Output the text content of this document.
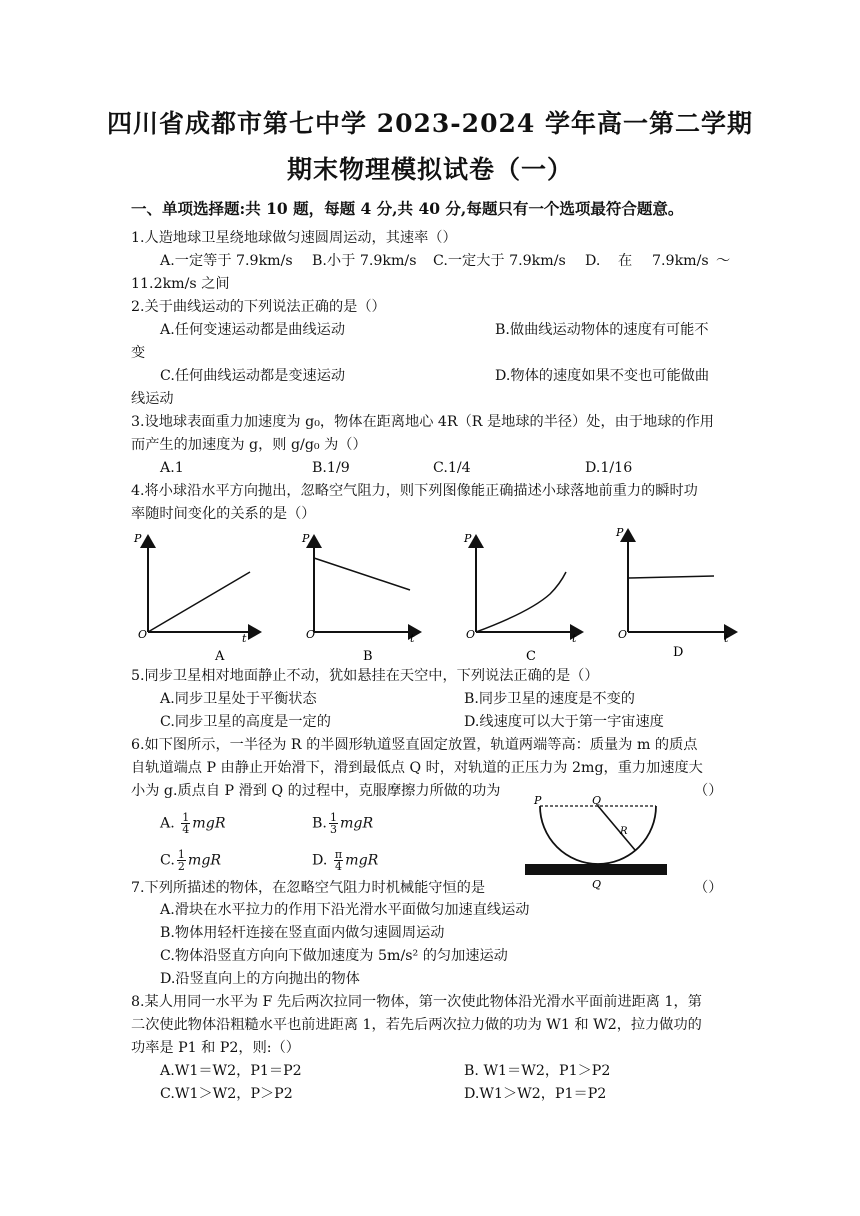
四川省成都市第七中学 2023-2024 学年高一第二学期
期末物理模拟试卷（一）
一、单项选择题:共 10 题，每题 4 分,共 40 分,每题只有一个选项最符合题意。
1.人造地球卫星绕地球做匀速圆周运动，其速率（）
A.一定等于 7.9km/s B.小于 7.9km/s C.一定大于 7.9km/s D. 在 7.9km/s ～
11.2km/s 之间
2.关于曲线运动的下列说法正确的是（）
A.任何变速运动都是曲线运动	B.做曲线运动物体的速度有可能不
变
C.任何曲线运动都是变速运动	D.物体的速度如果不变也可能做曲
线运动
3.设地球表面重力加速度为 g₀，物体在距离地心 4R（R 是地球的半径）处，由于地球的作用
而产生的加速度为 g，则 g/g₀ 为（）
A.1	B.1/9	C.1/4	D.1/16
4.将小球沿水平方向抛出，忽略空气阻力，则下列图像能正确描述小球落地前重力的瞬时功
率随时间变化的关系的是（）
P
t
O
A
P
t
O
B
P
t
O
C
P
t
O
D
5.同步卫星相对地面静止不动，犹如悬挂在天空中，下列说法正确的是（）
A.同步卫星处于平衡状态	B.同步卫星的速度是不变的
C.同步卫星的高度是一定的	D.线速度可以大于第一宇宙速度
6.如下图所示，一半径为 R 的半圆形轨道竖直固定放置，轨道两端等高：质量为 m 的质点
自轨道端点 P 由静止开始滑下，滑到最低点 Q 时，对轨道的正压力为 2mg，重力加速度大
小为 g.质点自 P 滑到 Q 的过程中，克服摩擦力所做的功为	（）
A. $\frac{1}{4}$ mgR	B. $\frac{1}{3}$ mgR
C. $\frac{1}{2}$ mgR	D. $\frac{\pi}{4}$ mgR
P	Q
R
Q
7.下列所描述的物体，在忽略空气阻力时机械能守恒的是	（）
A.滑块在水平拉力的作用下沿光滑水平面做匀加速直线运动
B.物体用轻杆连接在竖直面内做匀速圆周运动
C.物体沿竖直方向向下做加速度为 5m/s² 的匀加速运动
D.沿竖直向上的方向抛出的物体
8.某人用同一水平为 F 先后两次拉同一物体，第一次使此物体沿光滑水平面前进距离 1，第
二次使此物体沿粗糙水平也前进距离 1，若先后两次拉力做的功为 W1 和 W2，拉力做功的
功率是 P1 和 P2，则:（）
A.W1＝W2，P1＝P2	B. W1＝W2，P1＞P2
C.W1＞W2，P＞P2	D.W1＞W2，P1＝P2
